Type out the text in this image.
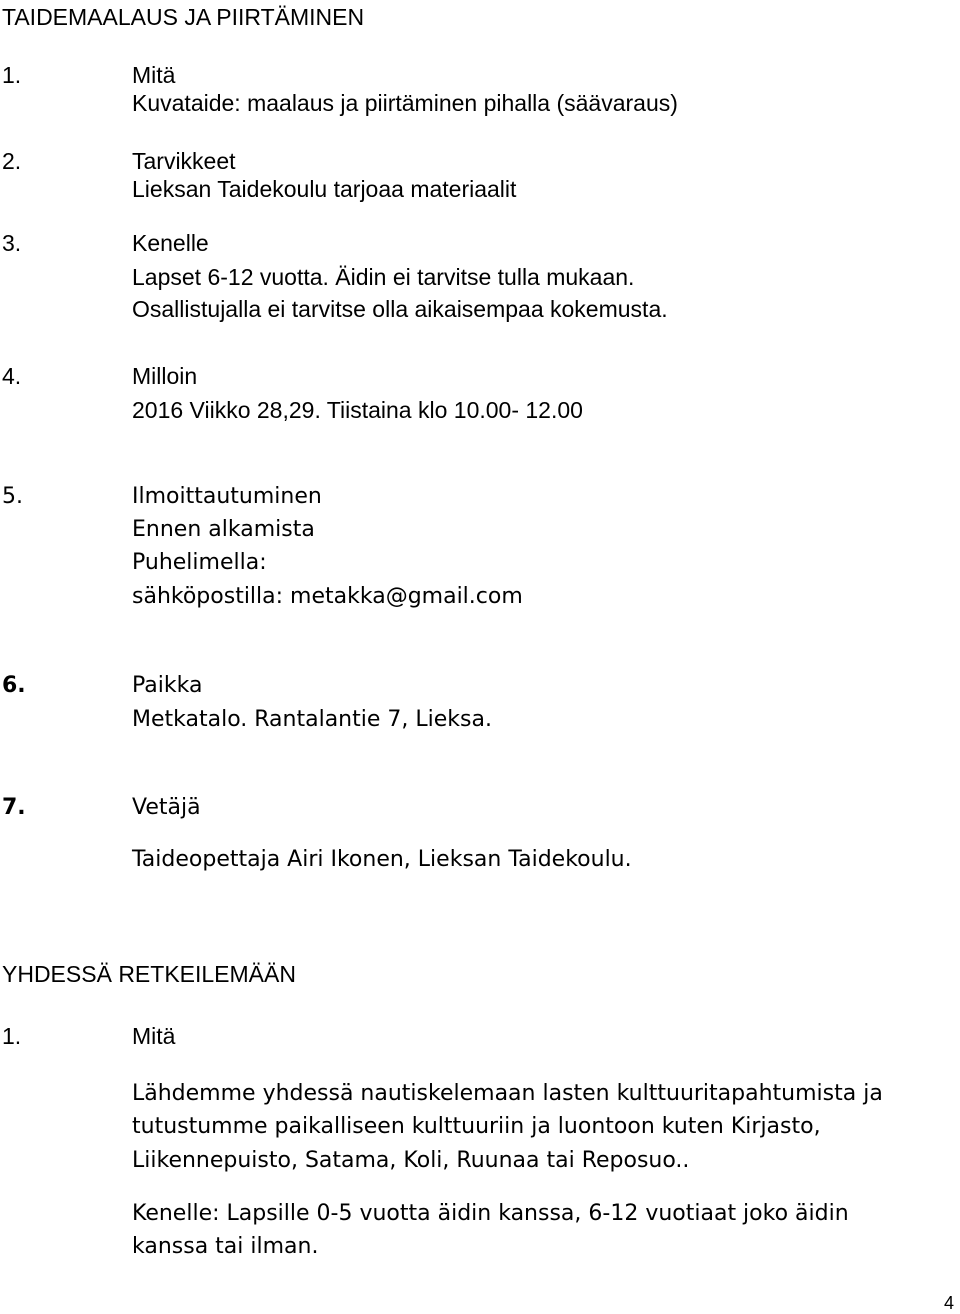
TAIDEMAALAUS JA PIIRTÄMINEN
1.	Mitä
Kuvataide: maalaus ja piirtäminen pihalla (säävaraus)
2.	Tarvikkeet
Lieksan Taidekoulu tarjoaa materiaalit
3.	Kenelle
Lapset 6-12 vuotta. Äidin ei tarvitse tulla mukaan.
Osallistujalla ei tarvitse olla aikaisempaa kokemusta.
4.	Milloin
2016 Viikko 28,29. Tiistaina klo 10.00- 12.00
5.	Ilmoittautuminen
Ennen alkamista
Puhelimella:
sähköpostilla: metakka@gmail.com
6.	Paikka
Metkatalo. Rantalantie 7, Lieksa.
7.	Vetäjä
Taideopettaja Airi Ikonen, Lieksan Taidekoulu.
YHDESSÄ RETKEILEMÄÄN
1.	Mitä
Lähdemme yhdessä nautiskelemaan lasten kulttuuritapahtumista ja
tutustumme paikalliseen kulttuuriin ja luontoon kuten Kirjasto,
Liikennepuisto, Satama, Koli, Ruunaa tai Reposuo..
Kenelle: Lapsille 0-5 vuotta äidin kanssa, 6-12 vuotiaat joko äidin
kanssa tai ilman.
4
